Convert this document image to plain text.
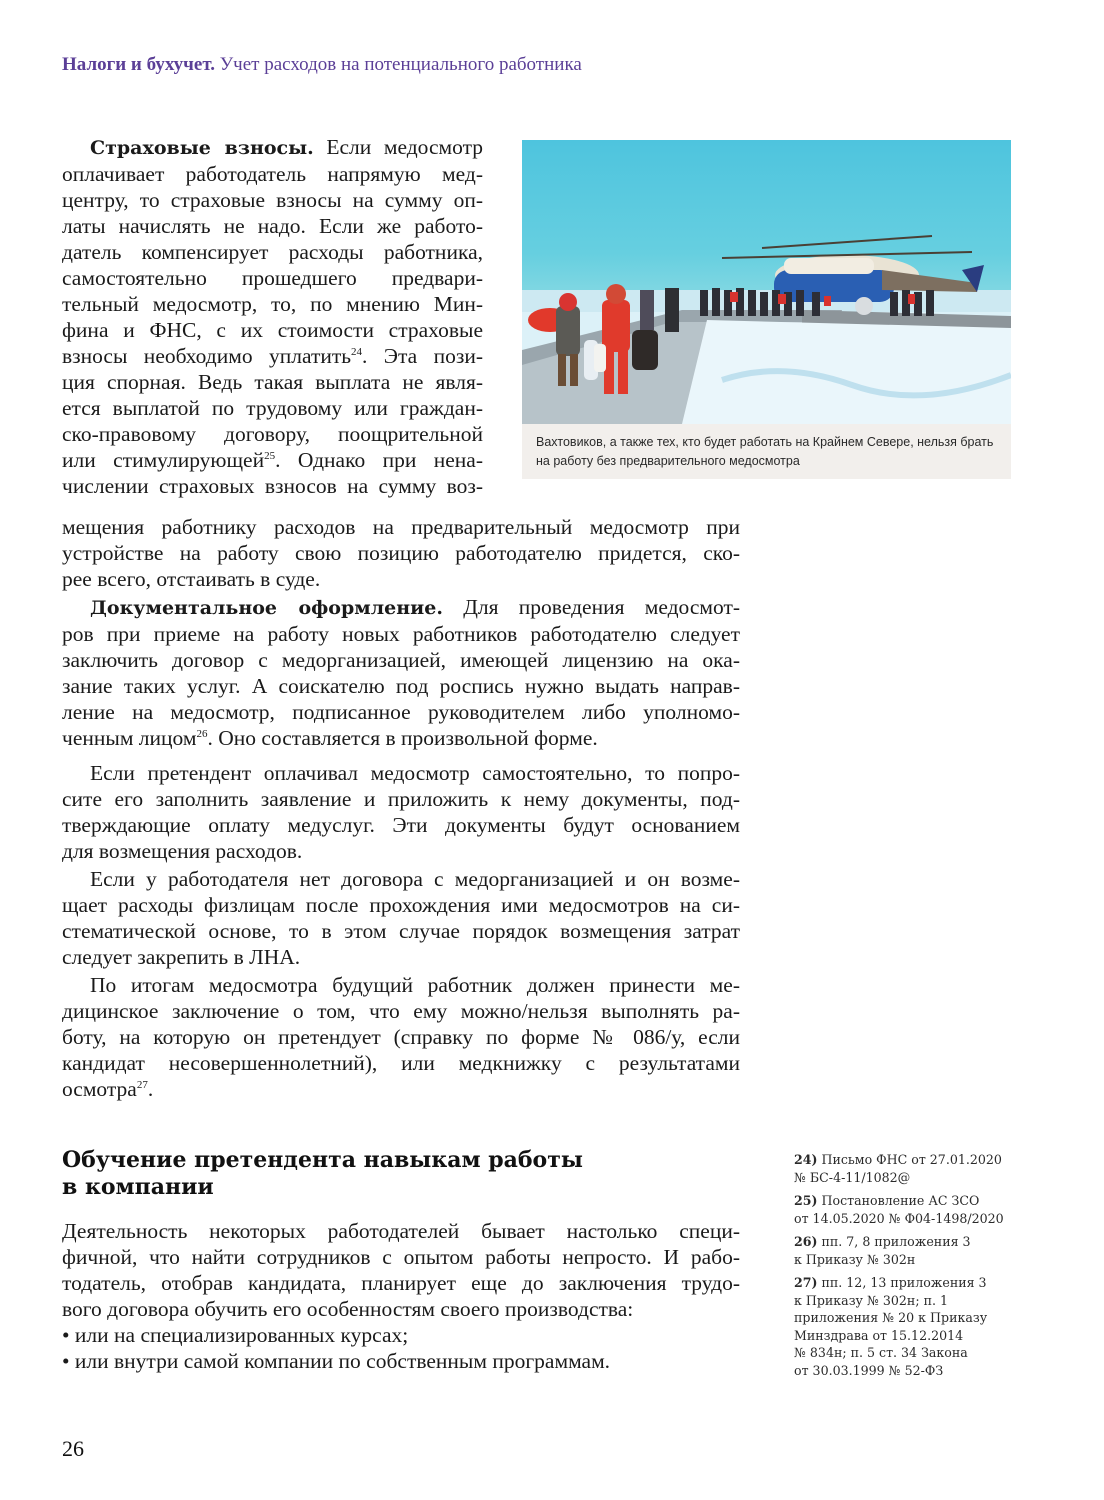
Налоги и бухучет. Учет расходов на потенциального работника
Страховые взносы. Если медосмотр
оплачивает работодатель напрямую мед-
центру, то страховые взносы на сумму оп-
латы начислять не надо. Если же работо-
датель компенсирует расходы работника,
самостоятельно прошедшего предвари-
тельный медосмотр, то, по мнению Мин-
фина и ФНС, с их стоимости страховые
взносы необходимо уплатить$^{24}$. Эта пози-
ция спорная. Ведь такая выплата не явля-
ется выплатой по трудовому или граждан-
ско-правовому договору, поощрительной
или стимулирующей$^{25}$. Однако при нена-
числении страховых взносов на сумму воз-
мещения работнику расходов на предварительный медосмотр при
устройстве на работу свою позицию работодателю придется, ско-
рее всего, отстаивать в суде.
Вахтовиков, а также тех, кто будет работать на Крайнем Севере, нельзя брать
на работу без предварительного медосмотра
Документальное оформление. Для проведения медосмот-
ров при приеме на работу новых работников работодателю следует
заключить договор с медорганизацией, имеющей лицензию на ока-
зание таких услуг. А соискателю под роспись нужно выдать направ-
ление на медосмотр, подписанное руководителем либо уполномо-
ченным лицом$^{26}$. Оно составляется в произвольной форме.
Если претендент оплачивал медосмотр самостоятельно, то попро-
сите его заполнить заявление и приложить к нему документы, под-
тверждающие оплату медуслуг. Эти документы будут основанием
для возмещения расходов.
Если у работодателя нет договора с медорганизацией и он возме-
щает расходы физлицам после прохождения ими медосмотров на си-
стематической основе, то в этом случае порядок возмещения затрат
следует закрепить в ЛНА.
По итогам медосмотра будущий работник должен принести ме-
дицинское заключение о том, что ему можно/нельзя выполнять ра-
боту, на которую он претендует (справку по форме № 086/у, если
кандидат несовершеннолетний), или медкнижку с результатами
осмотра$^{27}$.
Обучение претендента навыкам работы
в компании
Деятельность некоторых работодателей бывает настолько специ-
фичной, что найти сотрудников с опытом работы непросто. И рабо-
тодатель, отобрав кандидата, планирует еще до заключения трудо-
вого договора обучить его особенностям своего производства:
• или на специализированных курсах;
• или внутри самой компании по собственным программам.
24) Письмо ФНС от 27.01.2020
№ БС-4-11/1082@
25) Постановление АС ЗСО
от 14.05.2020 № Ф04-1498/2020
26) пп. 7, 8 приложения 3
к Приказу № 302н
27) пп. 12, 13 приложения 3
к Приказу № 302н; п. 1
приложения № 20 к Приказу
Минздрава от 15.12.2014
№ 834н; п. 5 ст. 34 Закона
от 30.03.1999 № 52-ФЗ
26
